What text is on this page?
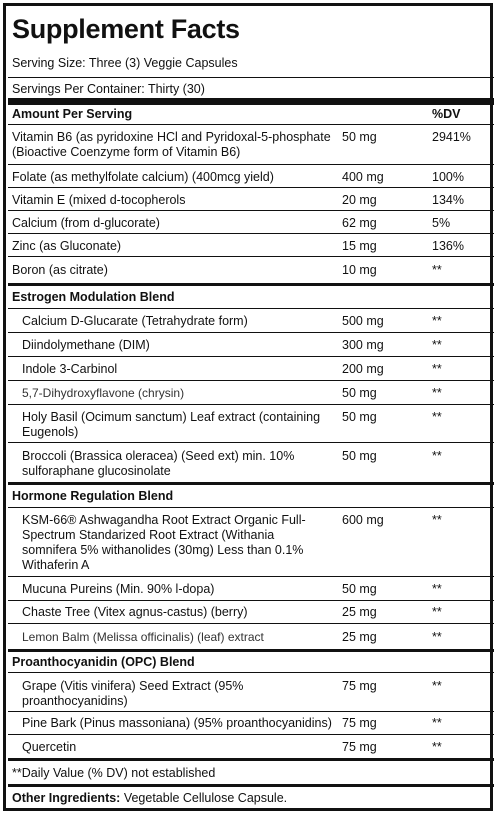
Supplement Facts
Serving Size: Three (3) Veggie Capsules
Servings Per Container: Thirty (30)
Amount Per Serving	%DV
Vitamin B6 (as pyridoxine HCl and Pyridoxal-5-phosphate (Bioactive Coenzyme form of Vitamin B6)
50 mg	2941%
Folate (as methylfolate calcium) (400mcg yield)	400 mg	100%
Vitamin E (mixed d-tocopherols	20 mg	134%
Calcium (from d-glucorate)	62 mg	5%
Zinc (as Gluconate)	15 mg	136%
Boron (as citrate)	10 mg	**
Estrogen Modulation Blend
Calcium D-Glucarate (Tetrahydrate form)	500 mg	**
Diindolymethane (DIM)	300 mg	**
Indole 3-Carbinol	200 mg	**
5,7-Dihydroxyflavone (chrysin)	50 mg	**
Holy Basil (Ocimum sanctum) Leaf extract (containing Eugenols)
50 mg	**
Broccoli (Brassica oleracea) (Seed ext) min. 10% sulforaphane glucosinolate
50 mg	**
Hormone Regulation Blend
KSM-66® Ashwagandha Root Extract Organic Full-Spectrum Standarized Root Extract (Withania somnifera 5% withanolides (30mg) Less than 0.1% Withaferin A
600 mg	**
Mucuna Pureins (Min. 90% l-dopa)	50 mg	**
Chaste Tree (Vitex agnus-castus) (berry)	25 mg	**
Lemon Balm (Melissa officinalis) (leaf) extract	25 mg	**
Proanthocyanidin (OPC) Blend
Grape (Vitis vinifera) Seed Extract (95% proanthocyanidins)
75 mg	**
Pine Bark (Pinus massoniana) (95% proanthocyanidins) 75 mg	**
Quercetin	75 mg	**
**Daily Value (% DV) not established
Other Ingredients: Vegetable Cellulose Capsule.
